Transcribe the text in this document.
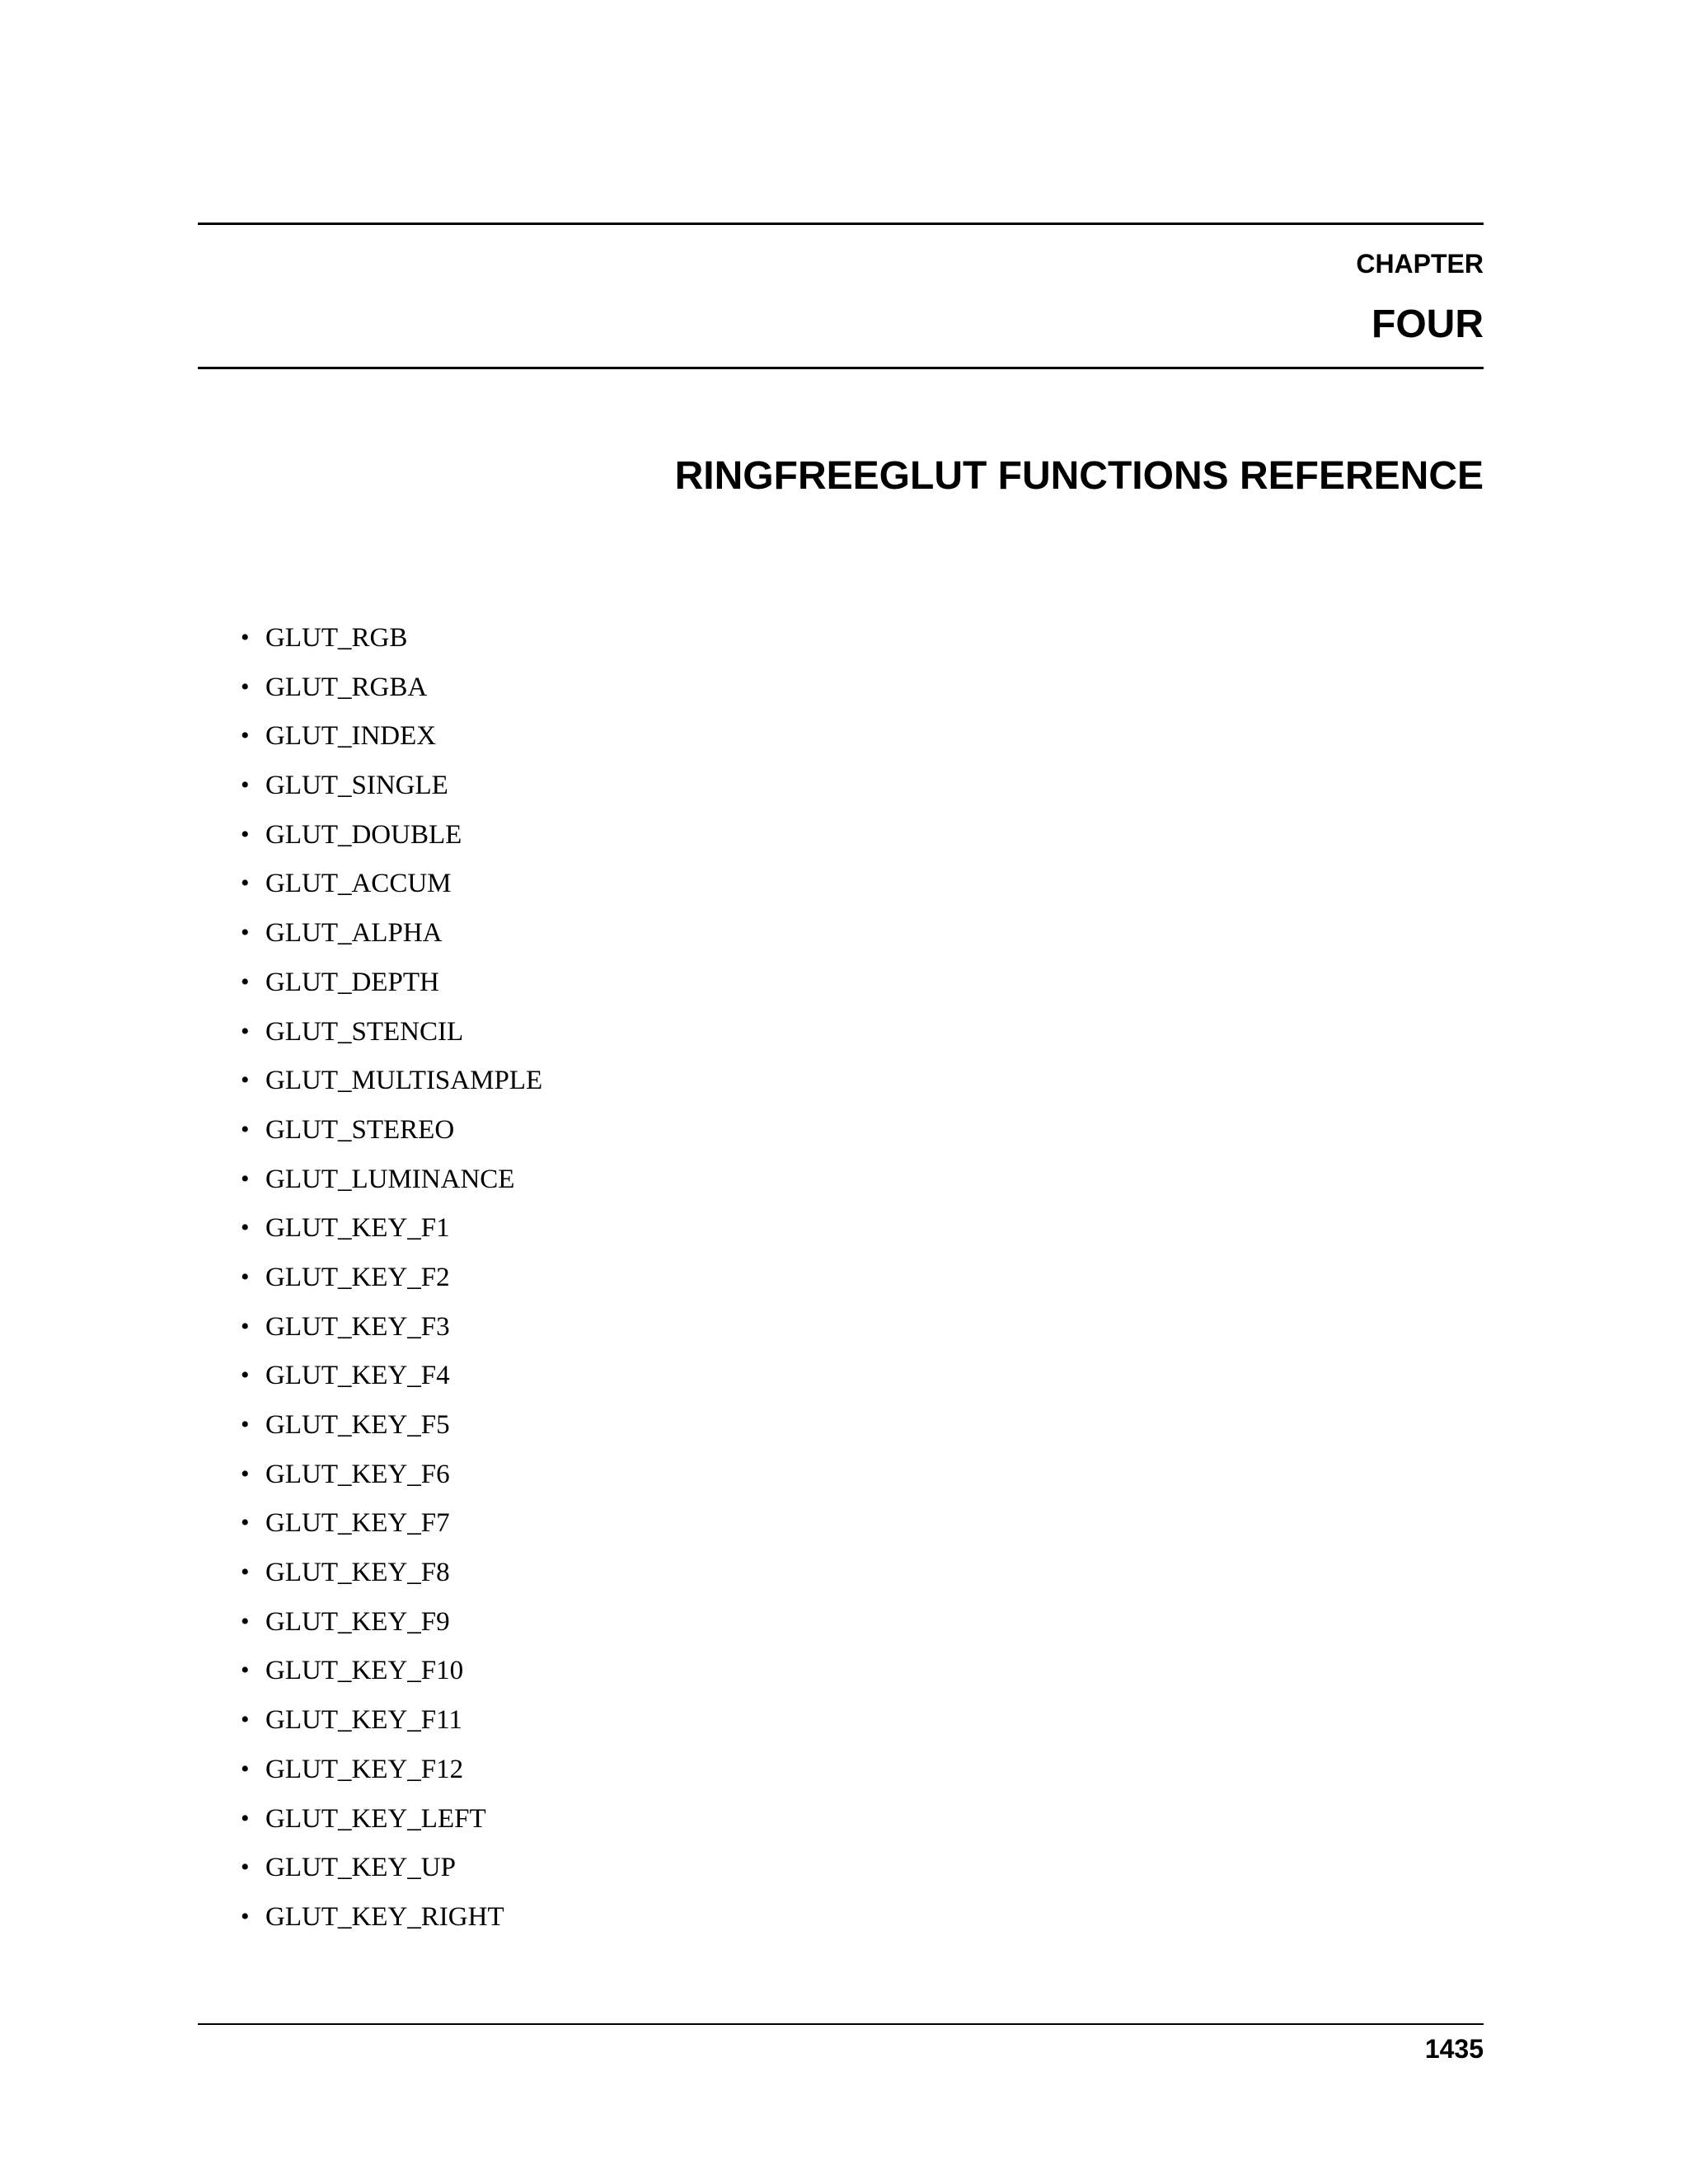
CHAPTER
FOUR
RINGFREEGLUT FUNCTIONS REFERENCE
• GLUT_RGB
• GLUT_RGBA
• GLUT_INDEX
• GLUT_SINGLE
• GLUT_DOUBLE
• GLUT_ACCUM
• GLUT_ALPHA
• GLUT_DEPTH
• GLUT_STENCIL
• GLUT_MULTISAMPLE
• GLUT_STEREO
• GLUT_LUMINANCE
• GLUT_KEY_F1
• GLUT_KEY_F2
• GLUT_KEY_F3
• GLUT_KEY_F4
• GLUT_KEY_F5
• GLUT_KEY_F6
• GLUT_KEY_F7
• GLUT_KEY_F8
• GLUT_KEY_F9
• GLUT_KEY_F10
• GLUT_KEY_F11
• GLUT_KEY_F12
• GLUT_KEY_LEFT
• GLUT_KEY_UP
• GLUT_KEY_RIGHT
1435
